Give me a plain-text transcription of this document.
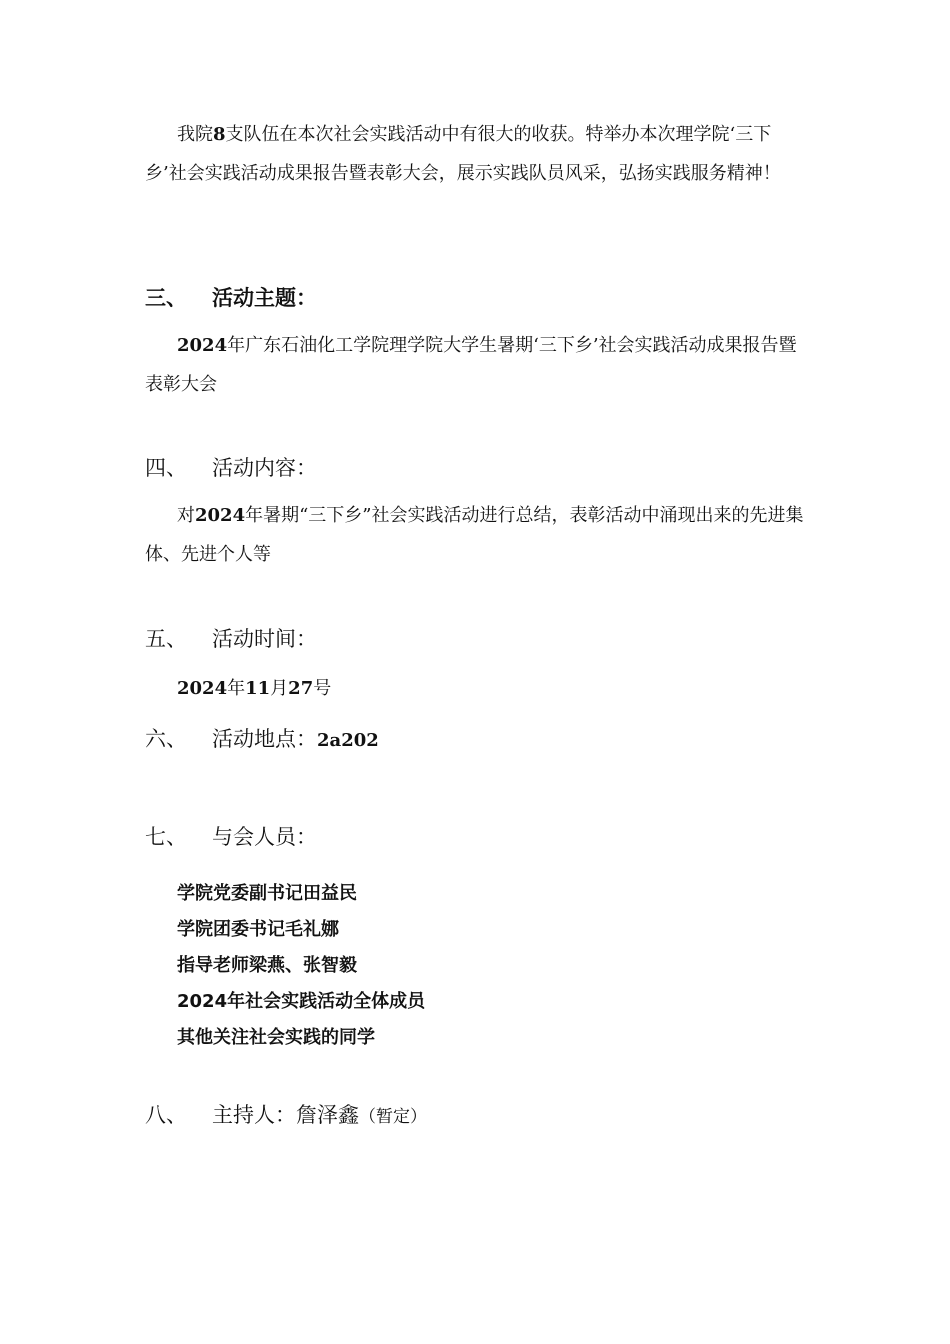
我院8支队伍在本次社会实践活动中有很大的收获。特举办本次理学院‘三下乡’社会实践活动成果报告暨表彰大会，展示实践队员风采，弘扬实践服务精神！

三、 活动主题：

2024年广东石油化工学院理学院大学生暑期‘三下乡’社会实践活动成果报告暨表彰大会

四、 活动内容：

对2024年暑期“三下乡”社会实践活动进行总结，表彰活动中涌现出来的先进集体、先进个人等

五、 活动时间：

2024年11月27号

六、 活动地点：2a202

七、 与会人员：

学院党委副书记田益民
学院团委书记毛礼娜
指导老师梁燕、张智毅
2024年社会实践活动全体成员
其他关注社会实践的同学

八、 主持人：詹泽鑫（暂定）
